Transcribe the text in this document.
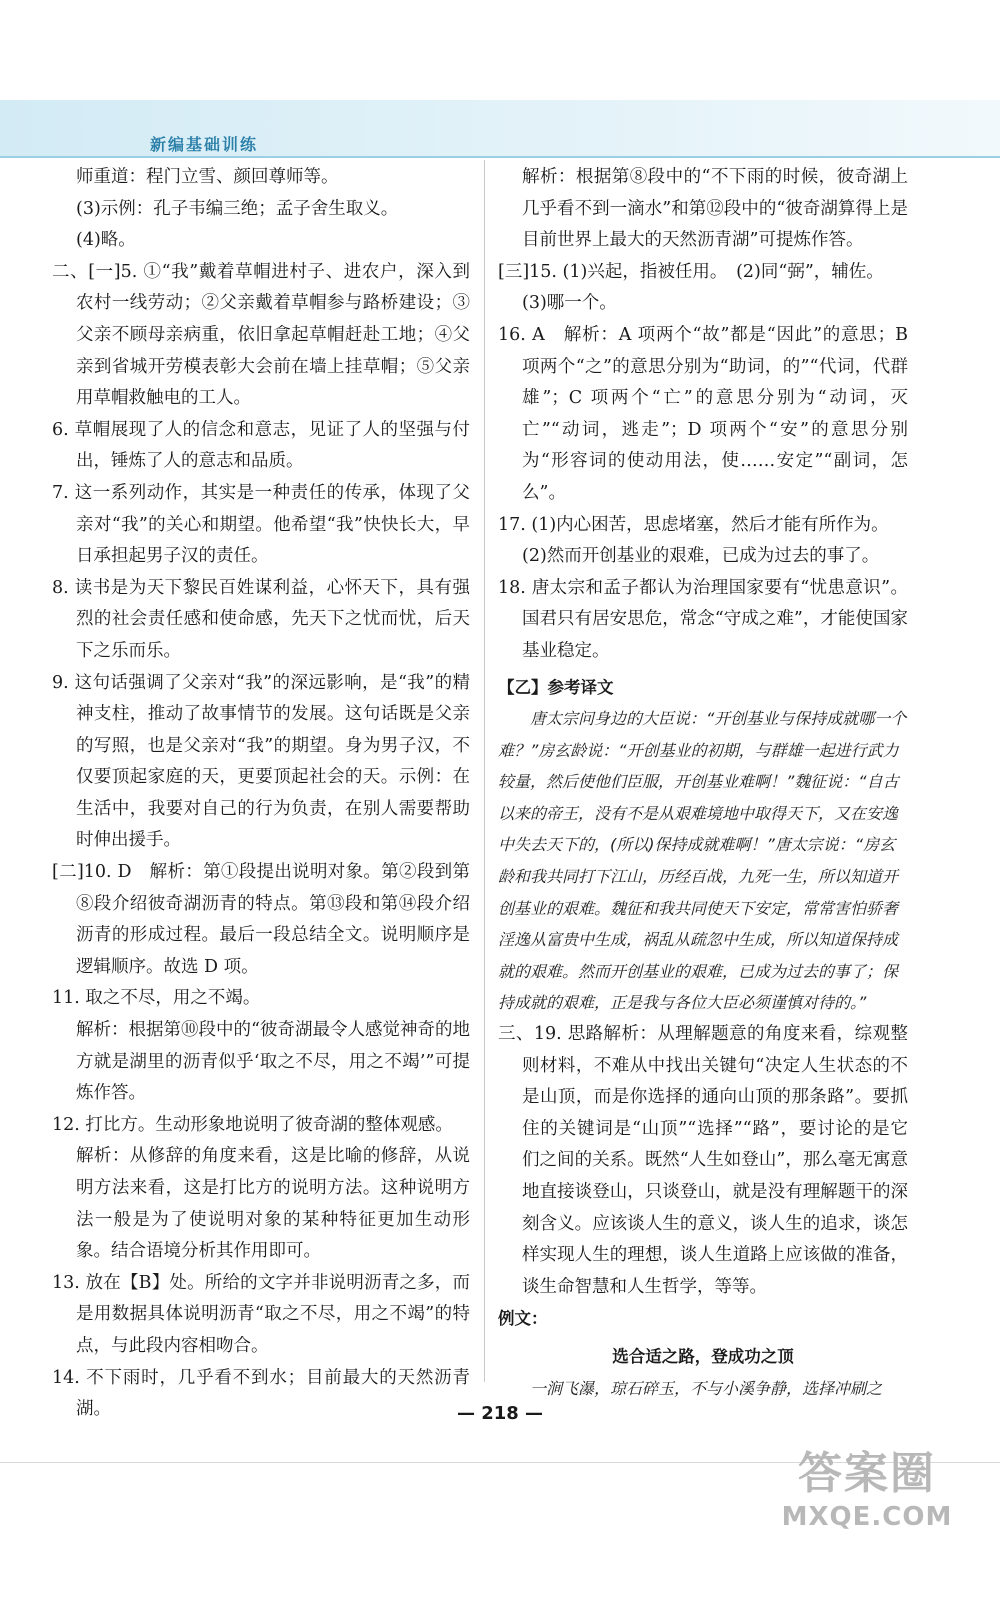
新编基础训练

师重道：程门立雪、颜回尊师等。

(3)示例：孔子韦编三绝；孟子舍生取义。

(4)略。

二、[一]5. ①“我”戴着草帽进村子、进农户，深入到农村一线劳动；②父亲戴着草帽参与路桥建设；③父亲不顾母亲病重，依旧拿起草帽赶赴工地；④父亲到省城开劳模表彰大会前在墙上挂草帽；⑤父亲用草帽救触电的工人。

6. 草帽展现了人的信念和意志，见证了人的坚强与付出，锤炼了人的意志和品质。

7. 这一系列动作，其实是一种责任的传承，体现了父亲对“我”的关心和期望。他希望“我”快快长大，早日承担起男子汉的责任。

8. 读书是为天下黎民百姓谋利益，心怀天下，具有强烈的社会责任感和使命感，先天下之忧而忧，后天下之乐而乐。

9. 这句话强调了父亲对“我”的深远影响，是“我”的精神支柱，推动了故事情节的发展。这句话既是父亲的写照，也是父亲对“我”的期望。身为男子汉，不仅要顶起家庭的天，更要顶起社会的天。示例：在生活中，我要对自己的行为负责，在别人需要帮助时伸出援手。

[二]10. D　解析：第①段提出说明对象。第②段到第⑧段介绍彼奇湖沥青的特点。第⑬段和第⑭段介绍沥青的形成过程。最后一段总结全文。说明顺序是逻辑顺序。故选 D 项。

11. 取之不尽，用之不竭。

解析：根据第⑩段中的“彼奇湖最令人感觉神奇的地方就是湖里的沥青似乎‘取之不尽，用之不竭’”可提炼作答。

12. 打比方。生动形象地说明了彼奇湖的整体观感。

解析：从修辞的角度来看，这是比喻的修辞，从说明方法来看，这是打比方的说明方法。这种说明方法一般是为了使说明对象的某种特征更加生动形象。结合语境分析其作用即可。

13. 放在【B】处。所给的文字并非说明沥青之多，而是用数据具体说明沥青“取之不尽，用之不竭”的特点，与此段内容相吻合。

14. 不下雨时，几乎看不到水；目前最大的天然沥青湖。

解析：根据第⑧段中的“不下雨的时候，彼奇湖上几乎看不到一滴水”和第⑫段中的“彼奇湖算得上是目前世界上最大的天然沥青湖”可提炼作答。

[三]15. (1)兴起，指被任用。　(2)同“弼”，辅佐。

(3)哪一个。

16. A　解析：A 项两个“故”都是“因此”的意思；B 项两个“之”的意思分别为“助词，的”“代词，代群雄”；C 项两个“亡”的意思分别为“动词，灭亡”“动词，逃走”；D 项两个“安”的意思分别为“形容词的使动用法，使……安定”“副词，怎么”。

17. (1)内心困苦，思虑堵塞，然后才能有所作为。

(2)然而开创基业的艰难，已成为过去的事了。

18. 唐太宗和孟子都认为治理国家要有“忧患意识”。国君只有居安思危，常念“守成之难”，才能使国家基业稳定。

【乙】参考译文

唐太宗问身边的大臣说：“开创基业与保持成就哪一个难？”房玄龄说：“开创基业的初期，与群雄一起进行武力较量，然后使他们臣服，开创基业难啊！”魏征说：“自古以来的帝王，没有不是从艰难境地中取得天下，又在安逸中失去天下的，(所以)保持成就难啊！”唐太宗说：“房玄龄和我共同打下江山，历经百战，九死一生，所以知道开创基业的艰难。魏征和我共同使天下安定，常常害怕骄奢淫逸从富贵中生成，祸乱从疏忽中生成，所以知道保持成就的艰难。然而开创基业的艰难，已成为过去的事了；保持成就的艰难，正是我与各位大臣必须谨慎对待的。”

三、19. 思路解析：从理解题意的角度来看，综观整则材料，不难从中找出关键句“决定人生状态的不是山顶，而是你选择的通向山顶的那条路”。要抓住的关键词是“山顶”“选择”“路”，要讨论的是它们之间的关系。既然“人生如登山”，那么毫无寓意地直接谈登山，只谈登山，就是没有理解题干的深刻含义。应该谈人生的意义，谈人生的追求，谈怎样实现人生的理想，谈人生道路上应该做的准备，谈生命智慧和人生哲学，等等。

例文：

选合适之路，登成功之顶

一涧飞瀑，琼石碎玉，不与小溪争静，选择冲刷之

— 218 —
答案圈
MXQE.COM
